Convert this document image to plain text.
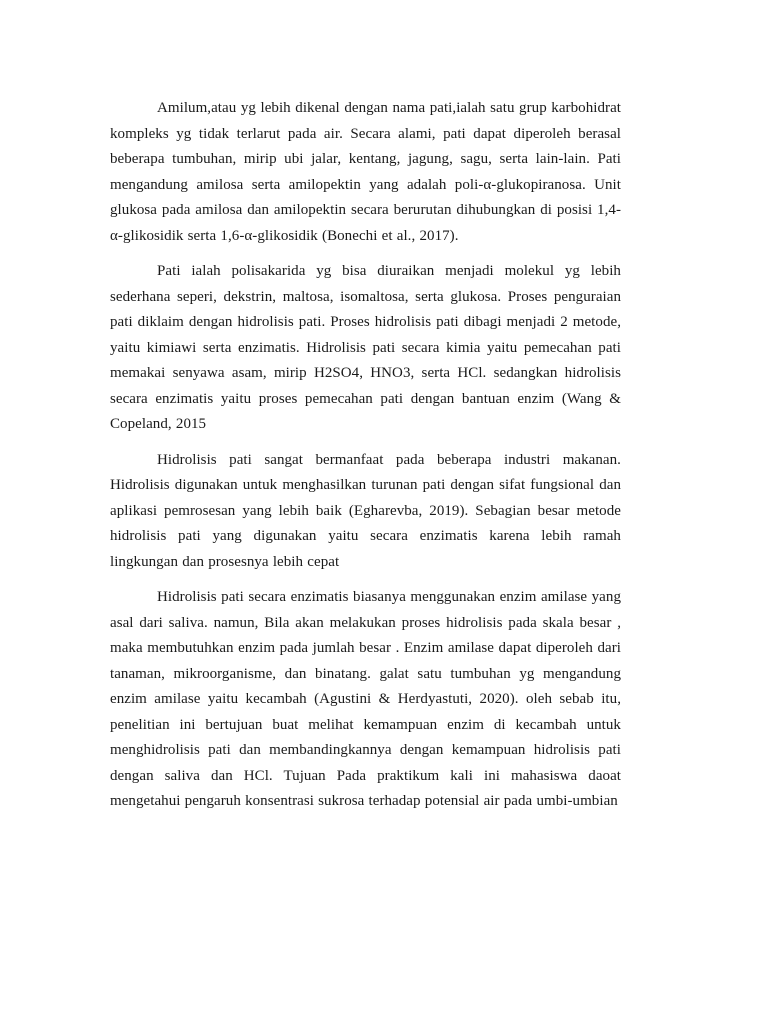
Amilum,atau yg lebih dikenal dengan nama pati,ialah satu grup karbohidrat kompleks yg tidak terlarut pada air. Secara alami, pati dapat diperoleh berasal beberapa tumbuhan, mirip ubi jalar, kentang, jagung, sagu, serta lain-lain. Pati mengandung amilosa serta amilopektin yang adalah poli-α-glukopiranosa. Unit glukosa pada amilosa dan amilopektin secara berurutan dihubungkan di posisi 1,4-α-glikosidik serta 1,6-α-glikosidik (Bonechi et al., 2017).

Pati ialah polisakarida yg bisa diuraikan menjadi molekul yg lebih sederhana seperi, dekstrin, maltosa, isomaltosa, serta glukosa. Proses penguraian pati diklaim dengan hidrolisis pati. Proses hidrolisis pati dibagi menjadi 2 metode, yaitu kimiawi serta enzimatis. Hidrolisis pati secara kimia yaitu pemecahan pati memakai senyawa asam, mirip H2SO4, HNO3, serta HCl. sedangkan hidrolisis secara enzimatis yaitu proses pemecahan pati dengan bantuan enzim (Wang & Copeland, 2015

Hidrolisis pati sangat bermanfaat pada beberapa industri makanan. Hidrolisis digunakan untuk menghasilkan turunan pati dengan sifat fungsional dan aplikasi pemrosesan yang lebih baik (Egharevba, 2019). Sebagian besar metode hidrolisis pati yang digunakan yaitu secara enzimatis karena lebih ramah lingkungan dan prosesnya lebih cepat

Hidrolisis pati secara enzimatis biasanya menggunakan enzim amilase yang asal dari saliva. namun, Bila akan melakukan proses hidrolisis pada skala besar , maka membutuhkan enzim pada jumlah besar . Enzim amilase dapat diperoleh dari tanaman, mikroorganisme, dan binatang. galat satu tumbuhan yg mengandung enzim amilase yaitu kecambah (Agustini & Herdyastuti, 2020). oleh sebab itu, penelitian ini bertujuan buat melihat kemampuan enzim di kecambah untuk menghidrolisis pati dan membandingkannya dengan kemampuan hidrolisis pati dengan saliva dan HCl. Tujuan Pada praktikum kali ini mahasiswa daoat mengetahui pengaruh konsentrasi sukrosa terhadap potensial air pada umbi-umbian
